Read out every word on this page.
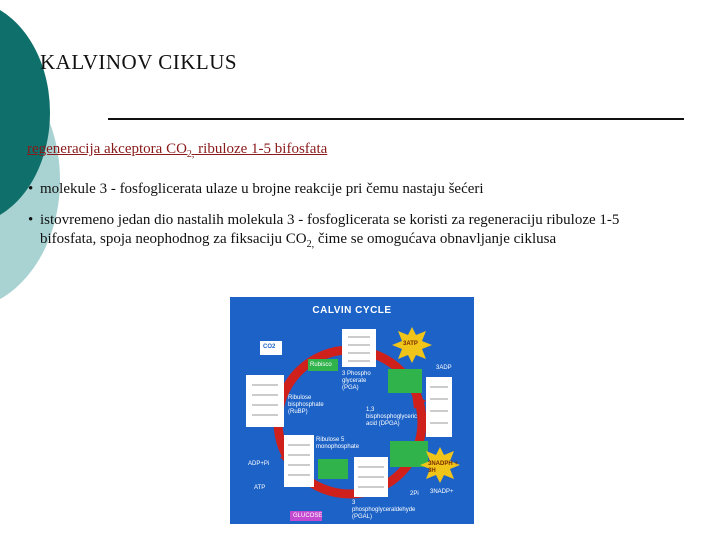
KALVINOV CIKLUS
regeneracija akceptora $CO_{2,}$ ribuloze 1-5 bifosfata
• molekule 3 - fosfoglicerata ulaze u brojne reakcije pri čemu nastaju šećeri
• istovremeno jedan dio nastalih molekula 3 - fosfoglicerata se koristi za regeneraciju ribuloze 1-5 bifosfata, spoja neophodnog za fiksaciju $CO_{2,}$ čime se omogućava obnavljanje ciklusa
CALVIN CYCLE
CO2
Rubisco
3ATP
3ADP
3 Phospho glycerate (PGA)
1,3 bisphosphoglyceric acid (DPGA)
Ribulose bisphosphate (RuBP)
Ribulose 5 monophosphate
3NADPH + 3H
3NADP+
3 phosphoglyceraldehyde (PGAL)
ADP+Pi
ATP
GLUCOSE
2Pi
